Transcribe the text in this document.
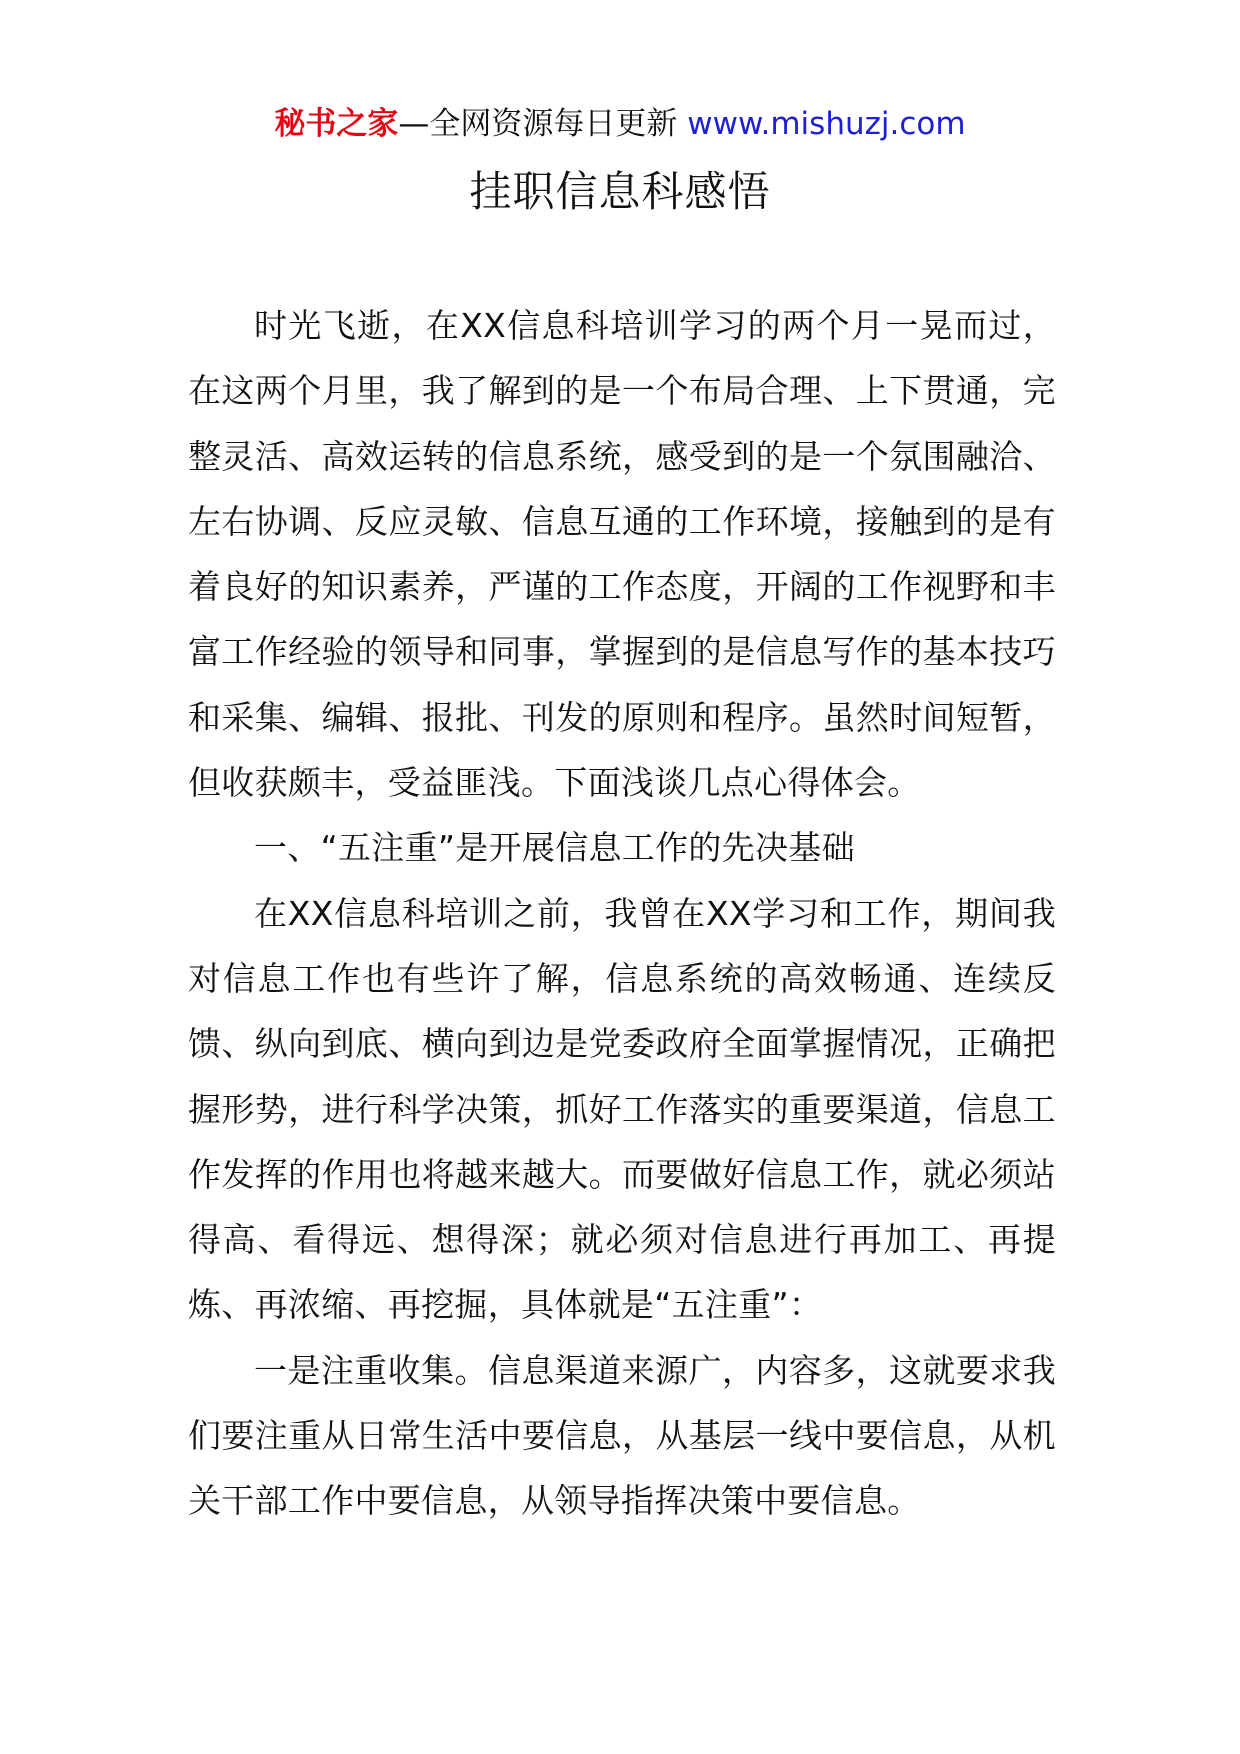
秘书之家—全网资源每日更新 www.mishuzj.com
挂职信息科感悟

时光飞逝，在XX信息科培训学习的两个月一晃而过，在这两个月里，我了解到的是一个布局合理、上下贯通，完整灵活、高效运转的信息系统，感受到的是一个氛围融洽、左右协调、反应灵敏、信息互通的工作环境，接触到的是有着良好的知识素养，严谨的工作态度，开阔的工作视野和丰富工作经验的领导和同事，掌握到的是信息写作的基本技巧和采集、编辑、报批、刊发的原则和程序。虽然时间短暂，但收获颇丰，受益匪浅。下面浅谈几点心得体会。

一、“五注重”是开展信息工作的先决基础

在XX信息科培训之前，我曾在XX学习和工作，期间我对信息工作也有些许了解，信息系统的高效畅通、连续反馈、纵向到底、横向到边是党委政府全面掌握情况，正确把握形势，进行科学决策，抓好工作落实的重要渠道，信息工作发挥的作用也将越来越大。而要做好信息工作，就必须站得高、看得远、想得深；就必须对信息进行再加工、再提炼、再浓缩、再挖掘，具体就是“五注重”：

一是注重收集。信息渠道来源广，内容多，这就要求我们要注重从日常生活中要信息，从基层一线中要信息，从机关干部工作中要信息，从领导指挥决策中要信息。
